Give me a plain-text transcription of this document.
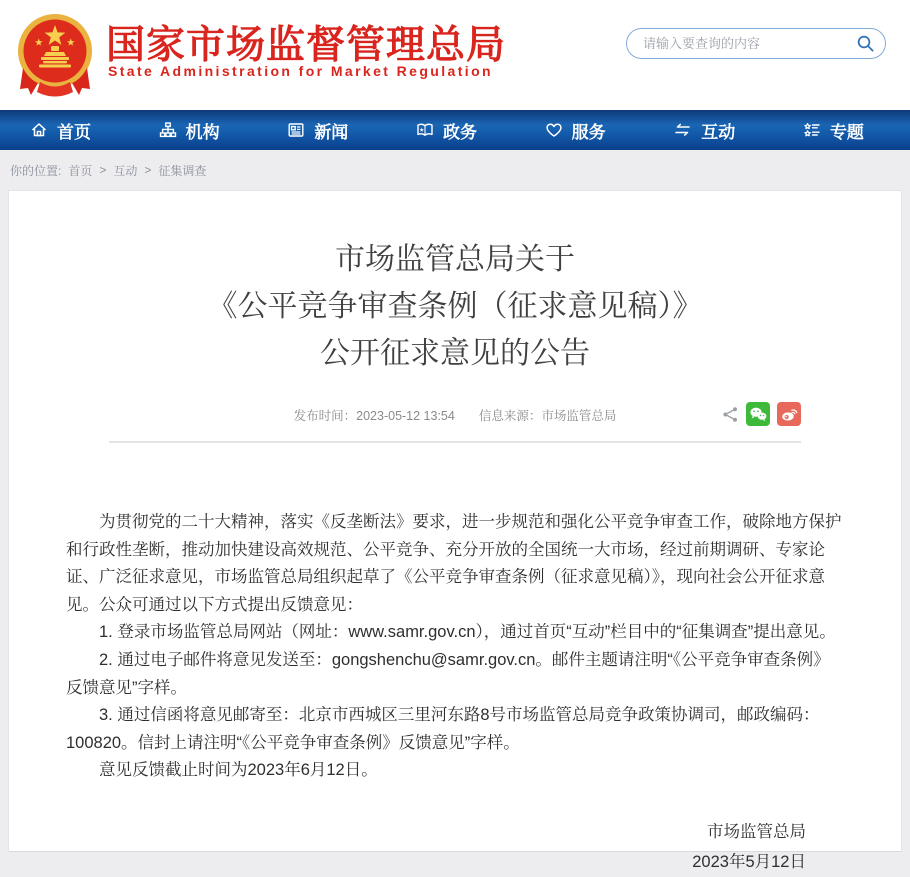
国家市场监督管理总局
State Administration for Market Regulation
请输入要查询的内容
首页	机构	新闻	政务	服务	互动	专题
你的位置: 首页 > 互动 > 征集调查
市场监管总局关于
《公平竞争审查条例（征求意见稿）》
公开征求意见的公告
发布时间：2023-05-12 13:54 信息来源：市场监管总局

为贯彻党的二十大精神，落实《反垄断法》要求，进一步规范和强化公平竞争审查工作，破除地方保护和行政性垄断，推动加快建设高效规范、公平竞争、充分开放的全国统一大市场，经过前期调研、专家论证、广泛征求意见，市场监管总局组织起草了《公平竞争审查条例（征求意见稿）》，现向社会公开征求意见。公众可通过以下方式提出反馈意见：

1. 登录市场监管总局网站（网址：www.samr.gov.cn），通过首页“互动”栏目中的“征集调查”提出意见。

2. 通过电子邮件将意见发送至：gongshenchu@samr.gov.cn。邮件主题请注明“《公平竞争审查条例》反馈意见”字样。

3. 通过信函将意见邮寄至：北京市西城区三里河东路8号市场监管总局竞争政策协调司，邮政编码：100820。信封上请注明“《公平竞争审查条例》反馈意见”字样。

意见反馈截止时间为2023年6月12日。

市场监管总局
2023年5月12日
